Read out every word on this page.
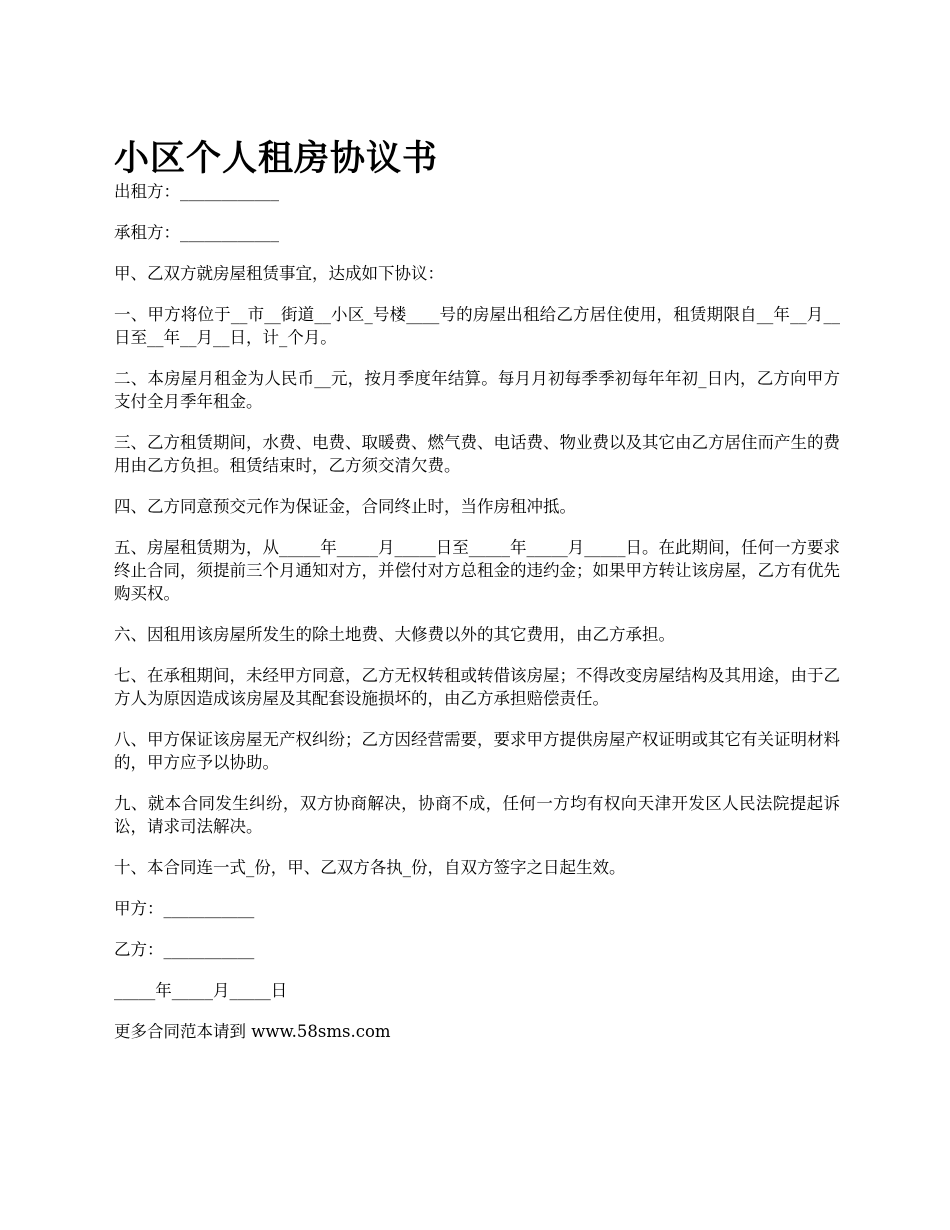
小区个人租房协议书

出租方：____________

承租方：____________

甲、乙双方就房屋租赁事宜，达成如下协议：

一、甲方将位于__市__街道__小区_号楼____号的房屋出租给乙方居住使用，租赁期限自__年__月__日至__年__月__日，计_个月。

二、本房屋月租金为人民币__元，按月季度年结算。每月月初每季季初每年年初_日内，乙方向甲方支付全月季年租金。

三、乙方租赁期间，水费、电费、取暖费、燃气费、电话费、物业费以及其它由乙方居住而产生的费用由乙方负担。租赁结束时，乙方须交清欠费。

四、乙方同意预交元作为保证金，合同终止时，当作房租冲抵。

五、房屋租赁期为，从_____年_____月_____日至_____年_____月_____日。在此期间，任何一方要求终止合同，须提前三个月通知对方，并偿付对方总租金的违约金；如果甲方转让该房屋，乙方有优先购买权。

六、因租用该房屋所发生的除土地费、大修费以外的其它费用，由乙方承担。

七、在承租期间，未经甲方同意，乙方无权转租或转借该房屋；不得改变房屋结构及其用途，由于乙方人为原因造成该房屋及其配套设施损坏的，由乙方承担赔偿责任。

八、甲方保证该房屋无产权纠纷；乙方因经营需要，要求甲方提供房屋产权证明或其它有关证明材料的，甲方应予以协助。

九、就本合同发生纠纷，双方协商解决，协商不成，任何一方均有权向天津开发区人民法院提起诉讼，请求司法解决。

十、本合同连一式_份，甲、乙双方各执_份，自双方签字之日起生效。

甲方：___________

乙方：___________

_____年_____月_____日

更多合同范本请到 www.58sms.com
